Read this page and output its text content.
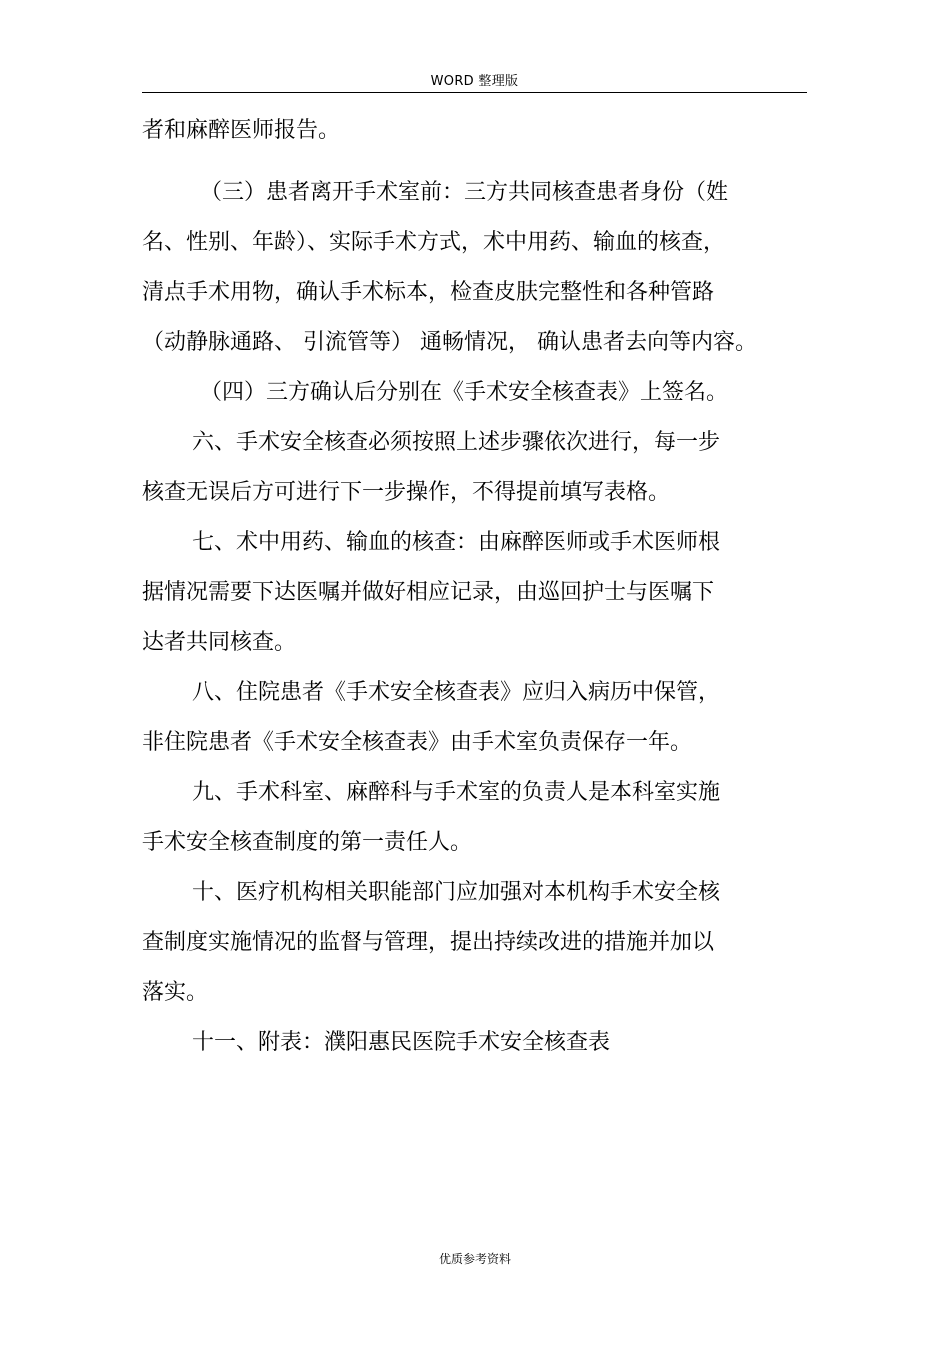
WORD 整理版
者和麻醉医师报告。
（三）患者离开手术室前：三方共同核查患者身份（姓
名、性别、年龄）、实际手术方式，术中用药、输血的核查，
清点手术用物，确认手术标本，检查皮肤完整性和各种管路
（动静脉通路、 引流管等） 通畅情况， 确认患者去向等内容。
（四）三方确认后分别在《手术安全核查表》上签名。
六、手术安全核查必须按照上述步骤依次进行，每一步
核查无误后方可进行下一步操作，不得提前填写表格。
七、术中用药、输血的核查：由麻醉医师或手术医师根
据情况需要下达医嘱并做好相应记录，由巡回护士与医嘱下
达者共同核查。
八、住院患者《手术安全核查表》应归入病历中保管，
非住院患者《手术安全核查表》由手术室负责保存一年。
九、手术科室、麻醉科与手术室的负责人是本科室实施
手术安全核查制度的第一责任人。
十、医疗机构相关职能部门应加强对本机构手术安全核
查制度实施情况的监督与管理，提出持续改进的措施并加以
落实。
十一、附表：濮阳惠民医院手术安全核查表
优质参考资料
